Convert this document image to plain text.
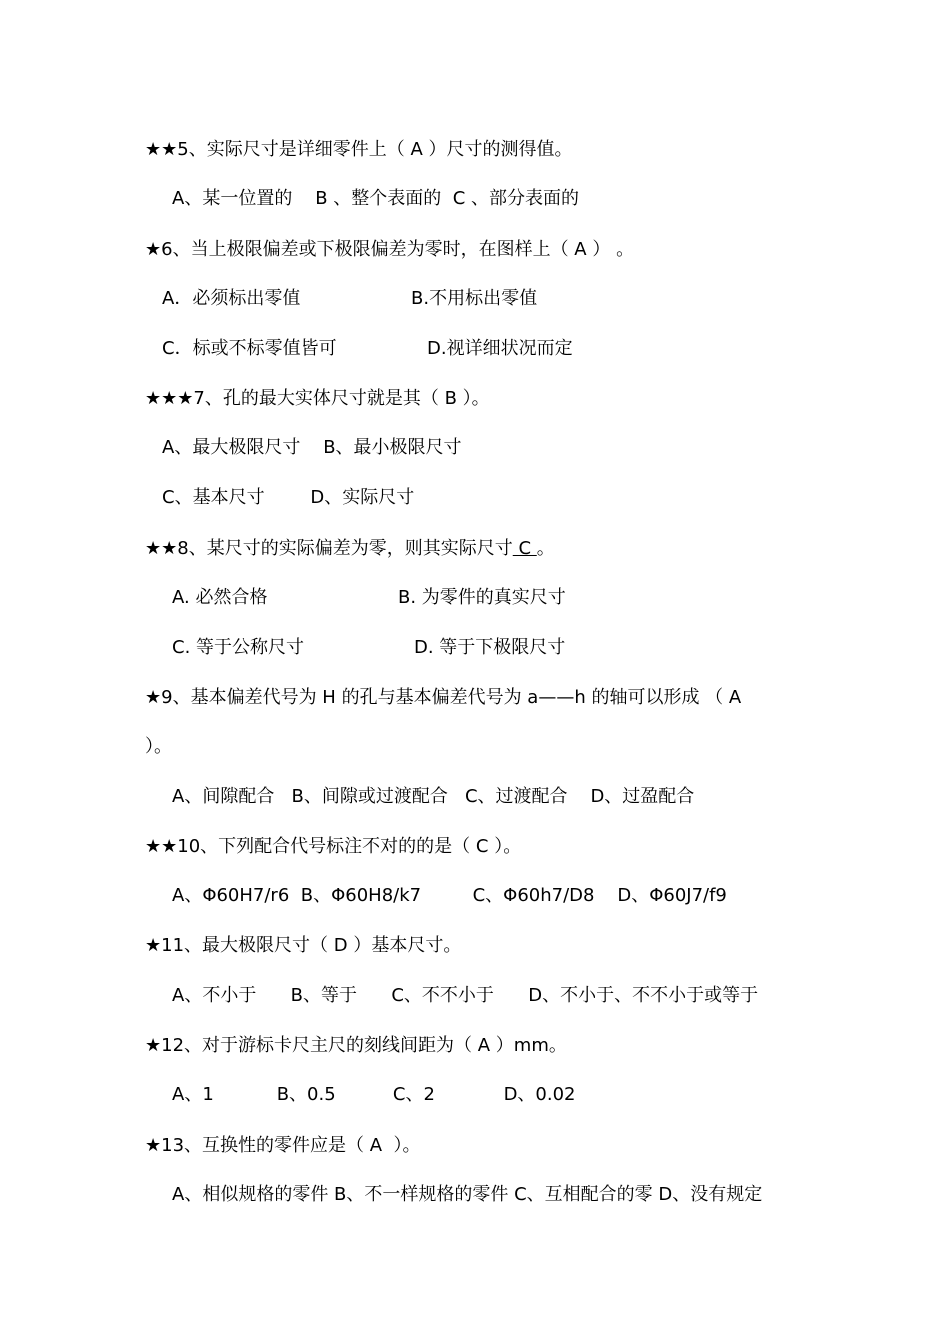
★★5、实际尺寸是详细零件上（ A ）尺寸的测得值。
A、某一位置的    B 、整个表面的  C 、部分表面的
★6、当上极限偏差或下极限偏差为零时，在图样上（ A ） 。
A．必须标出零值	B.不用标出零值
C．标或不标零值皆可	D.视详细状况而定
★★★7、孔的最大实体尺寸就是其（ B ）。
A、最大极限尺寸    B、最小极限尺寸
C、基本尺寸        D、实际尺寸
★★8、某尺寸的实际偏差为零，则其实际尺寸 C 。
A. 必然合格	B. 为零件的真实尺寸
C. 等于公称尺寸	D. 等于下极限尺寸
★9、基本偏差代号为 H 的孔与基本偏差代号为 a——h 的轴可以形成 （ A
）。
A、间隙配合   B、间隙或过渡配合   C、过渡配合    D、过盈配合
★★10、下列配合代号标注不对的的是（ C ）。
A、Φ60H7/r6  B、Φ60H8/k7         C、Φ60h7/D8    D、Φ60J7/f9
★11、最大极限尺寸（ D ）基本尺寸。
A、不小于      B、等于      C、不不小于      D、不小于、不不小于或等于
★12、对于游标卡尺主尺的刻线间距为（ A ）mm。
A、1           B、0.5          C、2            D、0.02
★13、互换性的零件应是（ A  ）。
A、相似规格的零件 B、不一样规格的零件 C、互相配合的零 D、没有规定
